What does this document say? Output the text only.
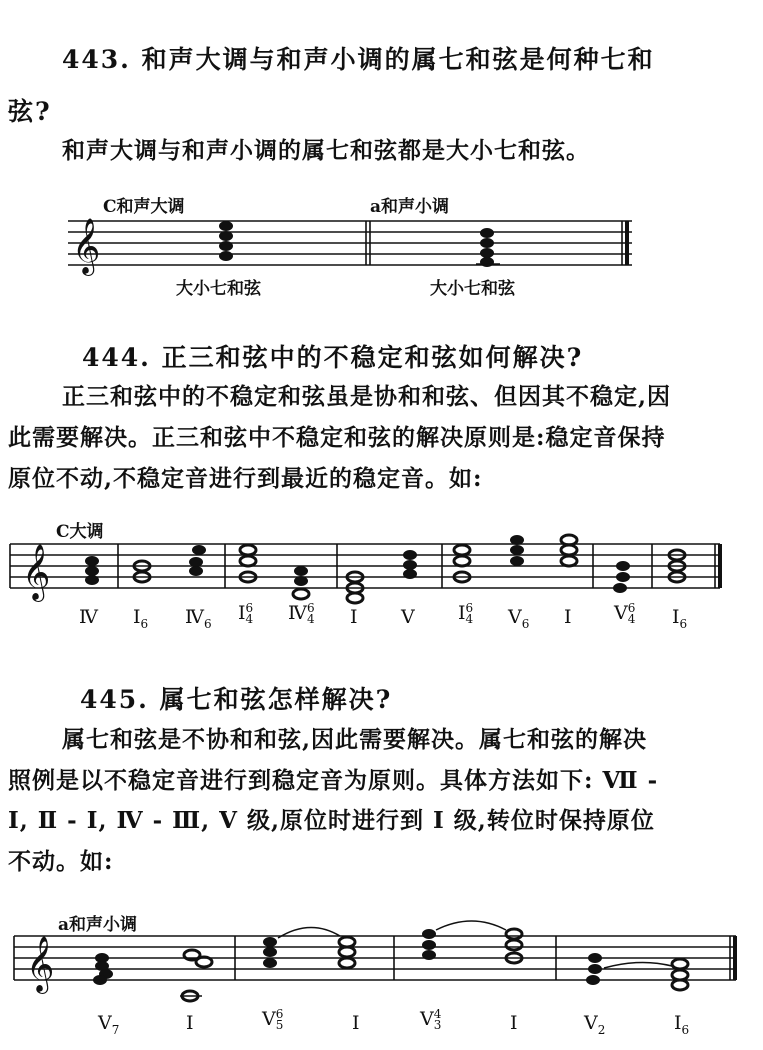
443. 和声大调与和声小调的属七和弦是何种七和
弦?
和声大调与和声小调的属七和弦都是大小七和弦。
C和声大调	a和声小调
大小七和弦	大小七和弦
𝄞
444. 正三和弦中的不稳定和弦如何解决?
正三和弦中的不稳定和弦虽是协和和弦、但因其不稳定,因
此需要解决。正三和弦中不稳定和弦的解决原则是:稳定音保持
原位不动,不稳定音进行到最近的稳定音。如:
C大调
𝄞
Ⅳ $I_6$ $Ⅳ_6$ I6
4 Ⅳ6
4 I V I6
4 $V_6$ I V6
4 $I_6$
445. 属七和弦怎样解决?
属七和弦是不协和和弦,因此需要解决。属七和弦的解决
照例是以不稳定音进行到稳定音为原则。具体方法如下: Ⅶ -
Ⅰ, Ⅱ - Ⅰ, Ⅳ - Ⅲ, V 级,原位时进行到 I 级,转位时保持原位
不动。如:
a和声小调
𝄞
$V_7$	I	V6
5	I	V4
3	I	$V_2$	$I_6$
